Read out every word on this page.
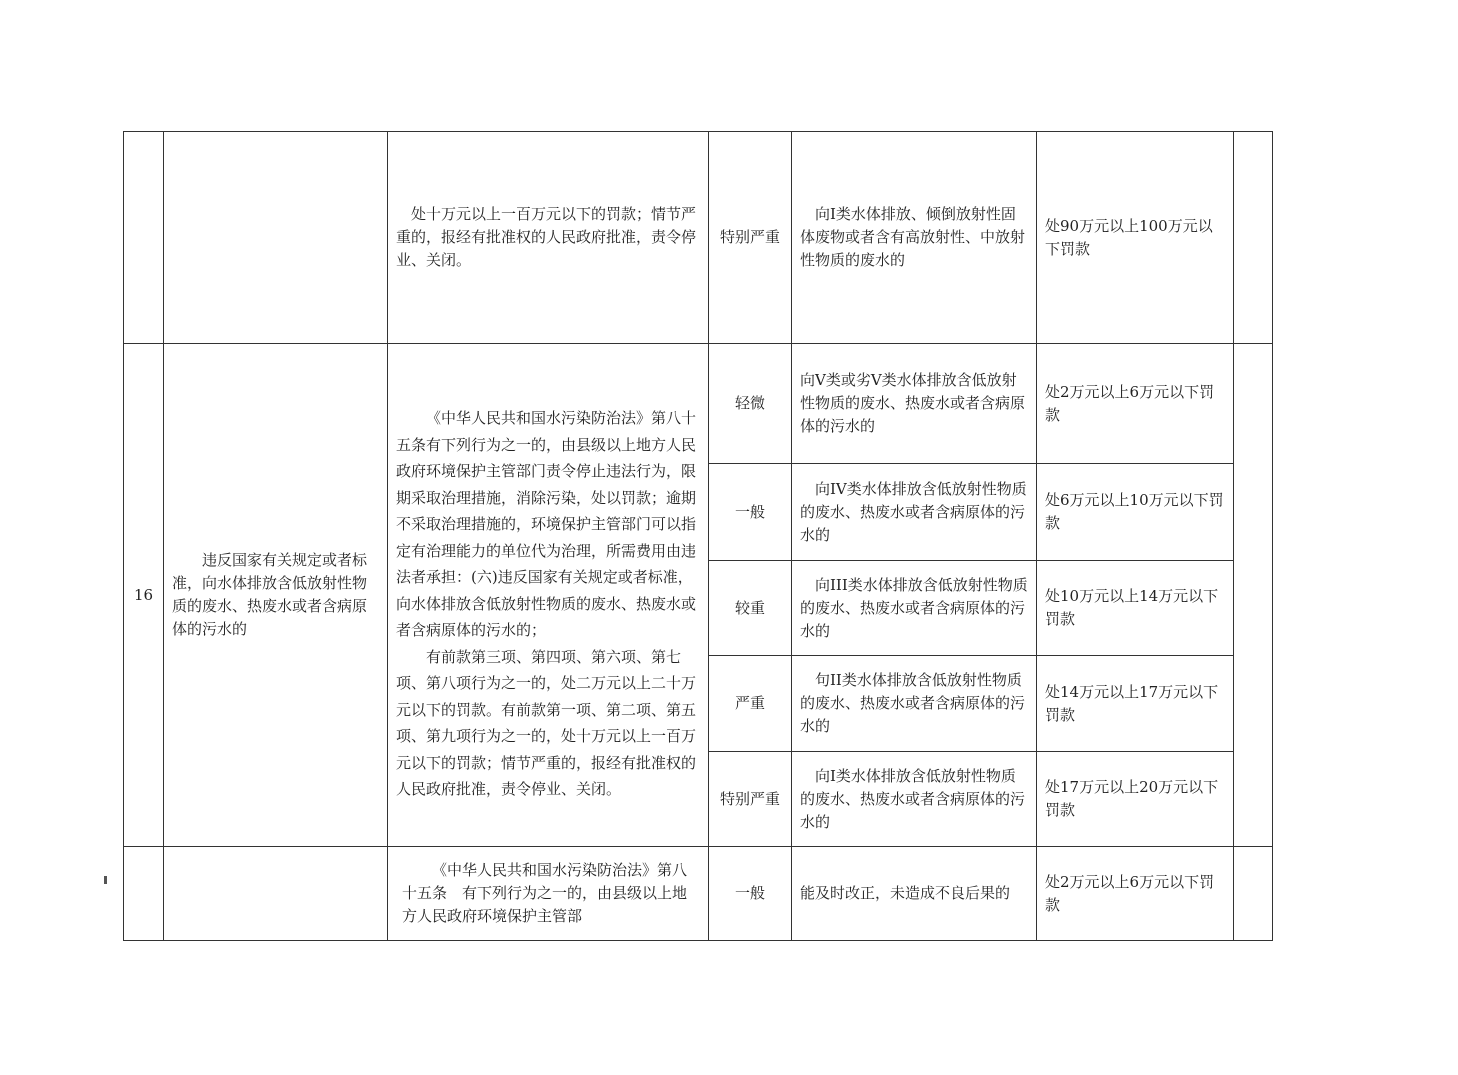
		处十万元以上一百万元以下的罚款；情节严重的，报经有批准权的人民政府批准，责令停业、关闭。	特别严重	向I类水体排放、倾倒放射性固体废物或者含有高放射性、中放射性物质的废水的	处90万元以上100万元以下罚款	
16	违反国家有关规定或者标准，向水体排放含低放射性物质的废水、热废水或者含病原体的污水的	《中华人民共和国水污染防治法》第八十五条有下列行为之一的，由县级以上地方人民政府环境保护主管部门责令停止违法行为，限期采取治理措施，消除污染，处以罚款；逾期不采取治理措施的，环境保护主管部门可以指定有治理能力的单位代为治理，所需费用由违法者承担：(六)违反国家有关规定或者标准，向水体排放含低放射性物质的废水、热废水或者含病原体的污水的；
有前款第三项、第四项、第六项、第七项、第八项行为之一的，处二万元以上二十万元以下的罚款。有前款第一项、第二项、第五项、第九项行为之一的，处十万元以上一百万元以下的罚款；情节严重的，报经有批准权的人民政府批准，责令停业、关闭。	轻微	向V类或劣V类水体排放含低放射性物质的废水、热废水或者含病原体的污水的	处2万元以上6万元以下罚款	
			一般	向IV类水体排放含低放射性物质的废水、热废水或者含病原体的污水的	处6万元以上10万元以下罚款	
			较重	向III类水体排放含低放射性物质的废水、热废水或者含病原体的污水的	处10万元以上14万元以下罚款	
			严重	句II类水体排放含低放射性物质的废水、热废水或者含病原体的污水的	处14万元以上17万元以下罚款	
			特别严重	向I类水体排放含低放射性物质的废水、热废水或者含病原体的污水的	处17万元以上20万元以下罚款	
		《中华人民共和国水污染防治法》第八十五条　有下列行为之一的，由县级以上地方人民政府环境保护主管部	一般	能及时改正，未造成不良后果的	处2万元以上6万元以下罚款	
